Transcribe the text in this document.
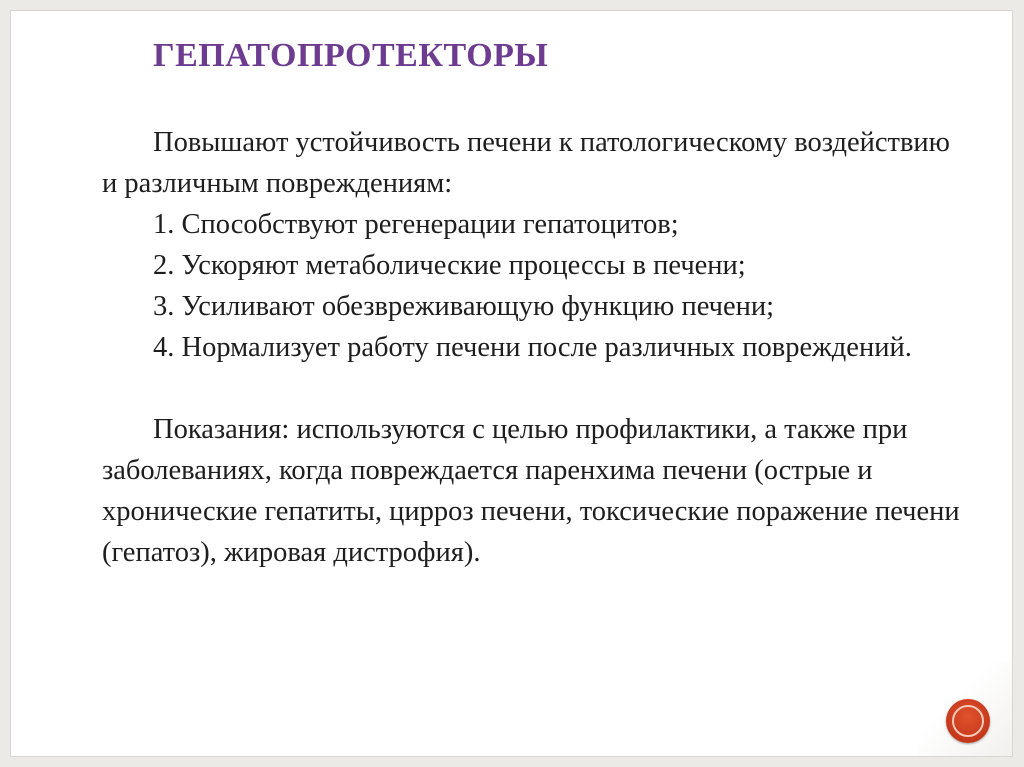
ГЕПАТОПРОТЕКТОРЫ

Повышают устойчивость печени к патологическому воздействию и различным повреждениям:

1. Способствуют регенерации гепатоцитов;

2. Ускоряют метаболические процессы в печени;

3. Усиливают обезвреживающую функцию печени;

4. Нормализует работу печени после различных повреждений.

Показания: используются с целью профилактики, а также при заболеваниях, когда повреждается паренхима печени (острые и хронические гепатиты, цирроз печени, токсические поражение печени (гепатоз), жировая дистрофия).
